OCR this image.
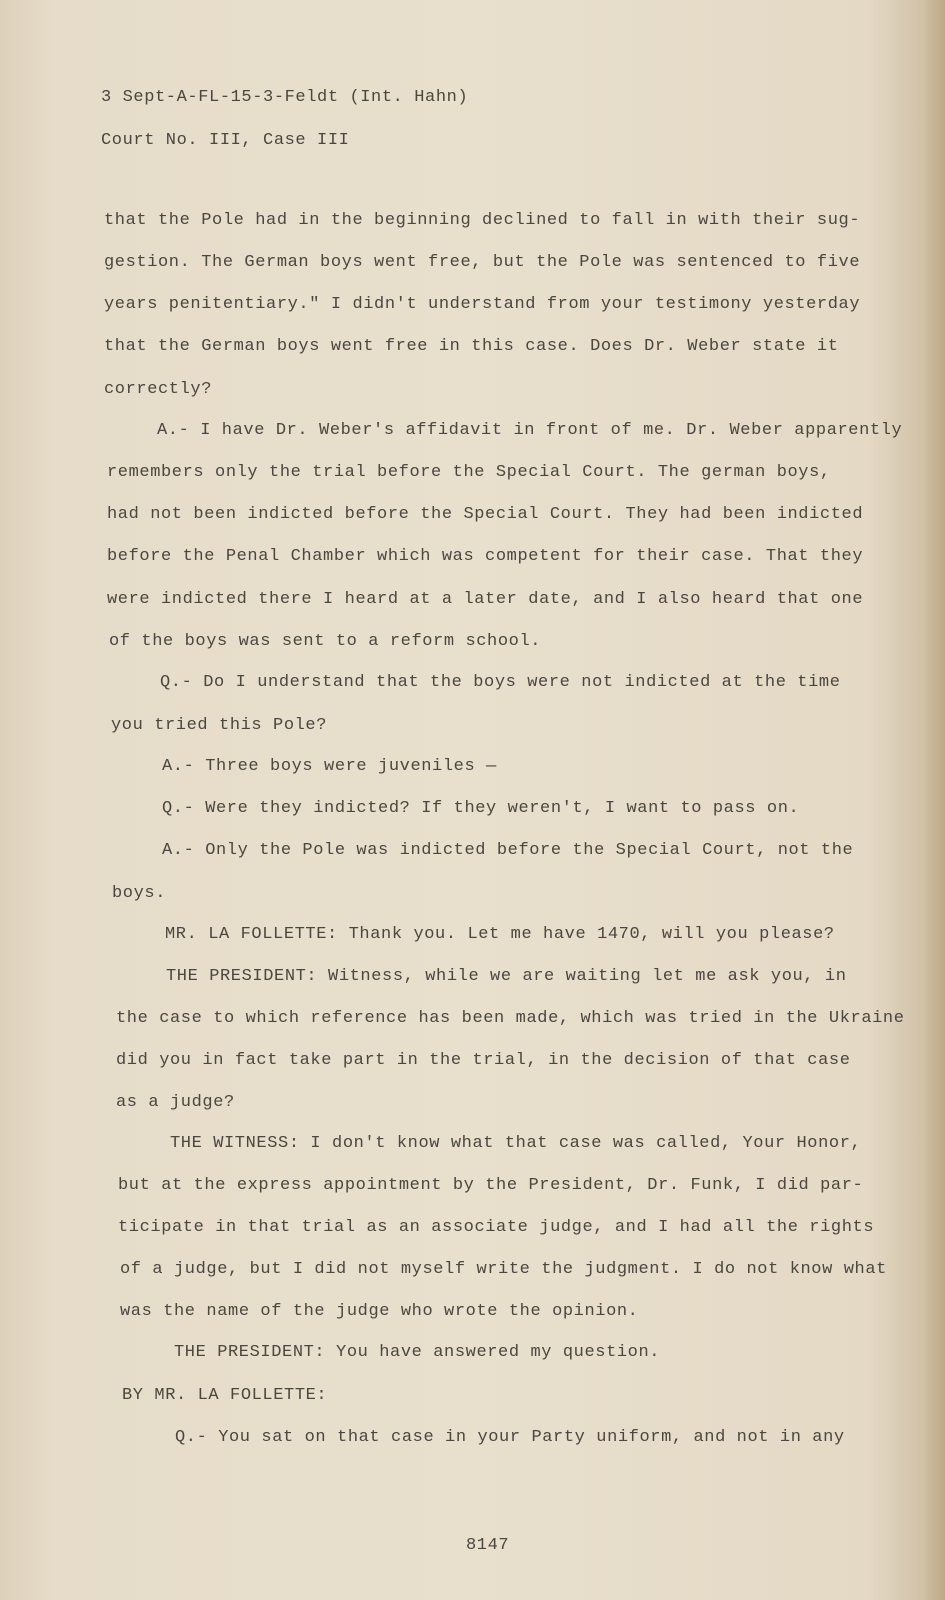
3 Sept-A-FL-15-3-Feldt (Int. Hahn)
Court No. III, Case III
that the Pole had in the beginning declined to fall in with their sug-
gestion. The German boys went free, but the Pole was sentenced to five
years penitentiary." I didn't understand from your testimony yesterday
that the German boys went free in this case. Does Dr. Weber state it
correctly?
A.- I have Dr. Weber's affidavit in front of me. Dr. Weber apparently
remembers only the trial before the Special Court. The german boys,
had not been indicted before the Special Court. They had been indicted
before the Penal Chamber which was competent for their case. That they
were indicted there I heard at a later date, and I also heard that one
of the boys was sent to a reform school.
Q.- Do I understand that the boys were not indicted at the time
you tried this Pole?
A.- Three boys were juveniles —
Q.- Were they indicted? If they weren't, I want to pass on.
A.- Only the Pole was indicted before the Special Court, not the
boys.
MR. LA FOLLETTE: Thank you. Let me have 1470, will you please?
THE PRESIDENT: Witness, while we are waiting let me ask you, in
the case to which reference has been made, which was tried in the Ukraine
did you in fact take part in the trial, in the decision of that case
as a judge?
THE WITNESS: I don't know what that case was called, Your Honor,
but at the express appointment by the President, Dr. Funk, I did par-
ticipate in that trial as an associate judge, and I had all the rights
of a judge, but I did not myself write the judgment. I do not know what
was the name of the judge who wrote the opinion.
THE PRESIDENT: You have answered my question.
BY MR. LA FOLLETTE:
Q.- You sat on that case in your Party uniform, and not in any
8147
